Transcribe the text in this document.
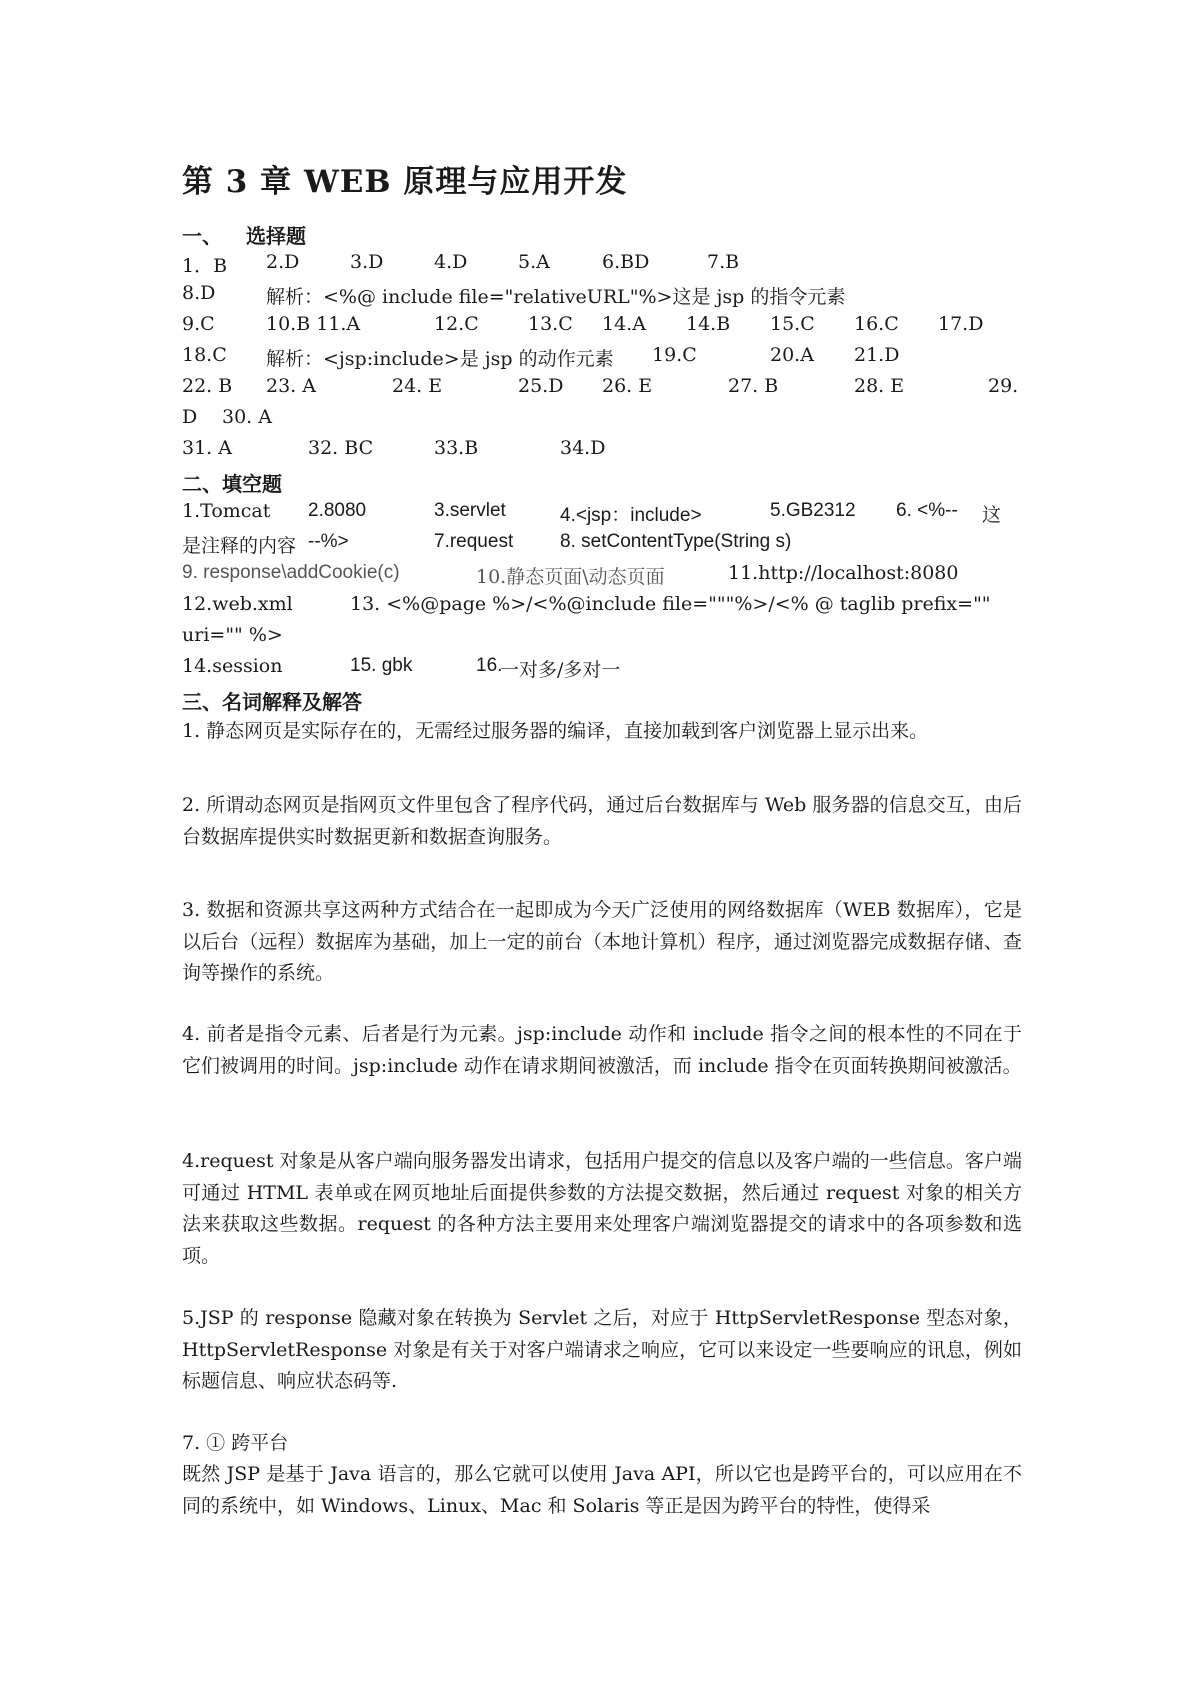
第 3 章 WEB 原理与应用开发
一、 选择题
1．B 2.D	3.D	4.D	5.A	6.BD	7.B
8.D	解析：<%@ include file="relativeURL"%>这是 jsp 的指令元素
9.C	10.B 11.A	12.C	13.C 14.A 14.B 15.C 16.C 17.D
18.C 解析：<jsp:include>是 jsp 的动作元素 19.C	20.A 21.D
22. B 23. A	24. E	25.D 26. E	27. B	28. E	29.
D 30. A
31. A	32. BC	33.B	34.D
二、填空题
1.Tomcat 2.8080	3.servlet	4.<jsp：include>	5.GB2312 6. <%-- 这
是注释的内容 --%>	7.request 8. setContentType(String s)
9. response\addCookie(c)	10.静态页面\动态页面	11.http://localhost:8080
12.web.xml	13. <%@page %>/<%@include file="""%>/<% @ taglib prefix=""
uri="" %>
14.session	15. gbk	16.
一对多/多对一
三、名词解释及解答
1. 静态网页是实际存在的，无需经过服务器的编译，直接加载到客户浏览器上显示出来。
2. 所谓动态网页是指网页文件里包含了程序代码，通过后台数据库与 Web 服务器的信息交互，由后台数据库提供实时数据更新和数据查询服务。
3. 数据和资源共享这两种方式结合在一起即成为今天广泛使用的网络数据库（WEB 数据库），它是以后台（远程）数据库为基础，加上一定的前台（本地计算机）程序，通过浏览器完成数据存储、查询等操作的系统。
4. 前者是指令元素、后者是行为元素。jsp:include 动作和 include 指令之间的根本性的不同在于它们被调用的时间。jsp:include 动作在请求期间被激活，而 include 指令在页面转换期间被激活。
4.request 对象是从客户端向服务器发出请求，包括用户提交的信息以及客户端的一些信息。客户端可通过 HTML 表单或在网页地址后面提供参数的方法提交数据，然后通过 request 对象的相关方法来获取这些数据。request 的各种方法主要用来处理客户端浏览器提交的请求中的各项参数和选项。
5.JSP 的 response 隐藏对象在转换为 Servlet 之后，对应于 HttpServletResponse 型态对象，HttpServletResponse 对象是有关于对客户端请求之响应，它可以来设定一些要响应的讯息，例如标题信息、响应状态码等.
7. ① 跨平台
既然 JSP 是基于 Java 语言的，那么它就可以使用 Java API，所以它也是跨平台的，可以应用在不同的系统中，如 Windows、Linux、Mac 和 Solaris 等正是因为跨平台的特性，使得采
